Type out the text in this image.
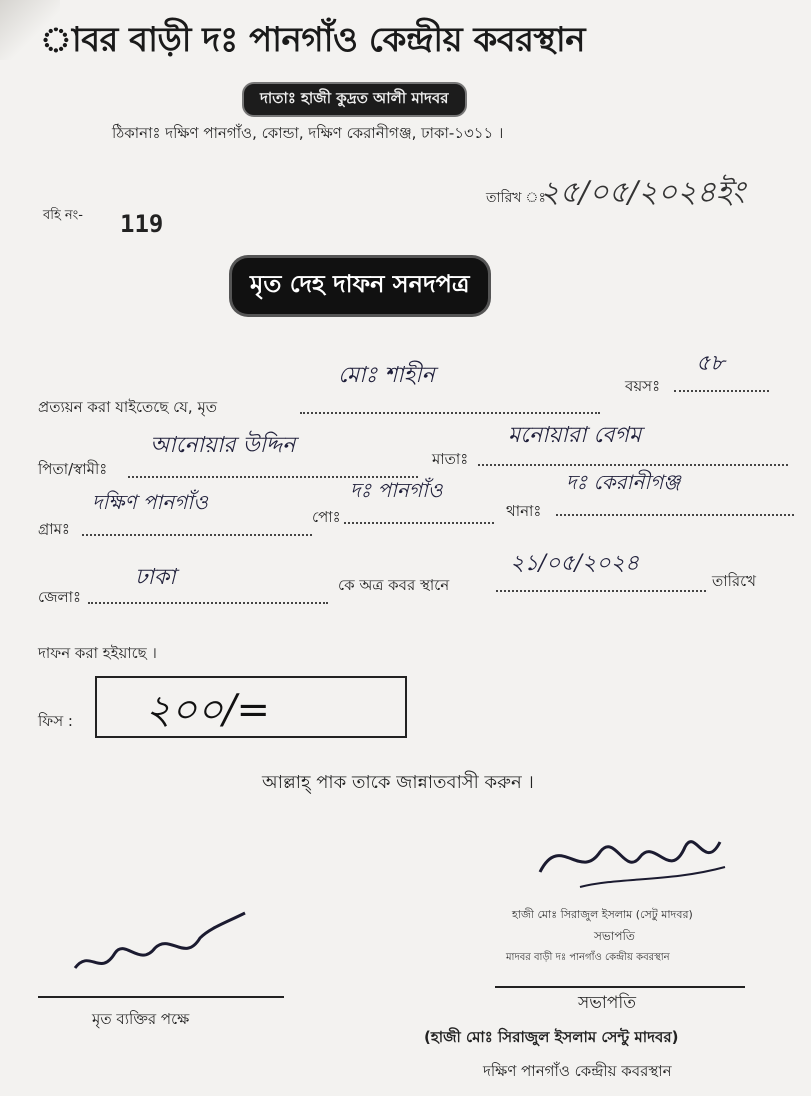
াবর বাড়ী দঃ পানগাঁও কেন্দ্রীয় কবরস্থান
দাতাঃ হাজী কুদ্রত আলী মাদবর
ঠিকানাঃ দক্ষিণ পানগাঁও, কোন্ডা, দক্ষিণ কেরানীগঞ্জ, ঢাকা-১৩১১ ।
তারিখ ঃ
২৫/০৫/২০২৪ইং
বহি নং- 119
মৃত দেহ দাফন সনদপত্র
প্রত্যয়ন করা যাইতেছে যে, মৃত
মোঃ শাহীন	বয়সঃ
৫৮
পিতা/স্বামীঃ
আনোয়ার উদ্দিন
মাতাঃ
মনোয়ারা বেগম
গ্রামঃ
দক্ষিণ পানগাঁও
পোঃ
দঃ পানগাঁও
থানাঃ
দঃ কেরানীগঞ্জ
জেলাঃ
ঢাকা	কে অত্র কবর স্থানে
২১/০৫/২০২৪
তারিখে
দাফন করা হইয়াছে ।
ফিস : ২০০/=
আল্লাহ্ পাক তাকে জান্নাতবাসী করুন ।
হাজী মোঃ সিরাজুল ইসলাম (সেটু মাদবর)
সভাপতি
মাদবর বাড়ী দঃ পানগাঁও কেন্দ্রীয় কবরস্থান
সভাপতি
(হাজী মোঃ সিরাজুল ইসলাম সেন্টু মাদবর)
দক্ষিণ পানগাঁও কেন্দ্রীয় কবরস্থান
মৃত ব্যক্তির পক্ষে
